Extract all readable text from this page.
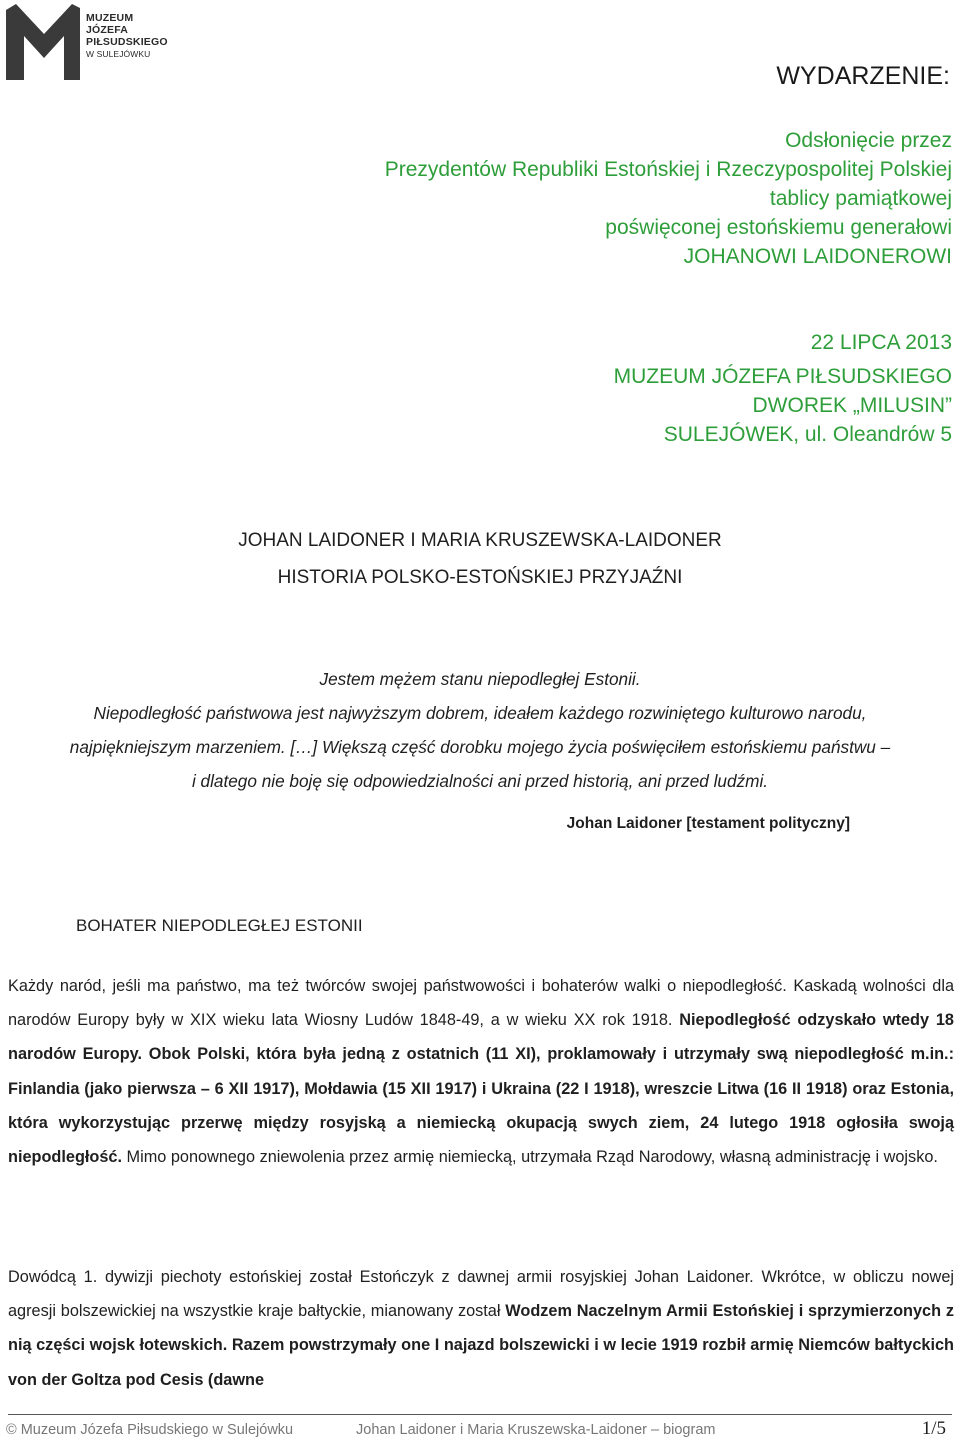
MUZEUM
JÓZEFA
PIŁSUDSKIEGO
W SULEJÓWKU
WYDARZENIE:
Odsłonięcie przez
Prezydentów Republiki Estońskiej i Rzeczypospolitej Polskiej
tablicy pamiątkowej
poświęconej estońskiemu generałowi
JOHANOWI LAIDONEROWI
22 LIPCA 2013
MUZEUM JÓZEFA PIŁSUDSKIEGO
DWOREK „MILUSIN”
SULEJÓWEK, ul. Oleandrów 5
JOHAN LAIDONER I MARIA KRUSZEWSKA-LAIDONER
HISTORIA POLSKO-ESTOŃSKIEJ PRZYJAŹNI
Jestem mężem stanu niepodległej Estonii.
Niepodległość państwowa jest najwyższym dobrem, ideałem każdego rozwiniętego kulturowo narodu,
najpiękniejszym marzeniem. […] Większą część dorobku mojego życia poświęciłem estońskiemu państwu –
i dlatego nie boję się odpowiedzialności ani przed historią, ani przed ludźmi.
Johan Laidoner [testament polityczny]
BOHATER NIEPODLEGŁEJ ESTONII

Każdy naród, jeśli ma państwo, ma też twórców swojej państwowości i bohaterów walki o niepodległość. Kaskadą wolności dla narodów Europy były w XIX wieku lata Wiosny Ludów 1848-49, a w wieku XX rok 1918. Niepodległość odzyskało wtedy 18 narodów Europy. Obok Polski, która była jedną z ostatnich (11 XI), proklamowały i utrzymały swą niepodległość m.in.: Finlandia (jako pierwsza – 6 XII 1917), Mołdawia (15 XII 1917) i Ukraina (22 I 1918), wreszcie Litwa (16 II 1918) oraz Estonia, która wykorzystując przerwę między rosyjską a niemiecką okupacją swych ziem, 24 lutego 1918 ogłosiła swoją niepodległość. Mimo ponownego zniewolenia przez armię niemiecką, utrzymała Rząd Narodowy, własną administrację i wojsko.

Dowódcą 1. dywizji piechoty estońskiej został Estończyk z dawnej armii rosyjskiej Johan Laidoner. Wkrótce, w obliczu nowej agresji bolszewickiej na wszystkie kraje bałtyckie, mianowany został Wodzem Naczelnym Armii Estońskiej i sprzymierzonych z nią części wojsk łotewskich. Razem powstrzymały one I najazd bolszewicki i w lecie 1919 rozbił armię Niemców bałtyckich von der Goltza pod Cesis (dawne

© Muzeum Józefa Piłsudskiego w Sulejówku	Johan Laidoner i Maria Kruszewska-Laidoner – biogram	1/5
